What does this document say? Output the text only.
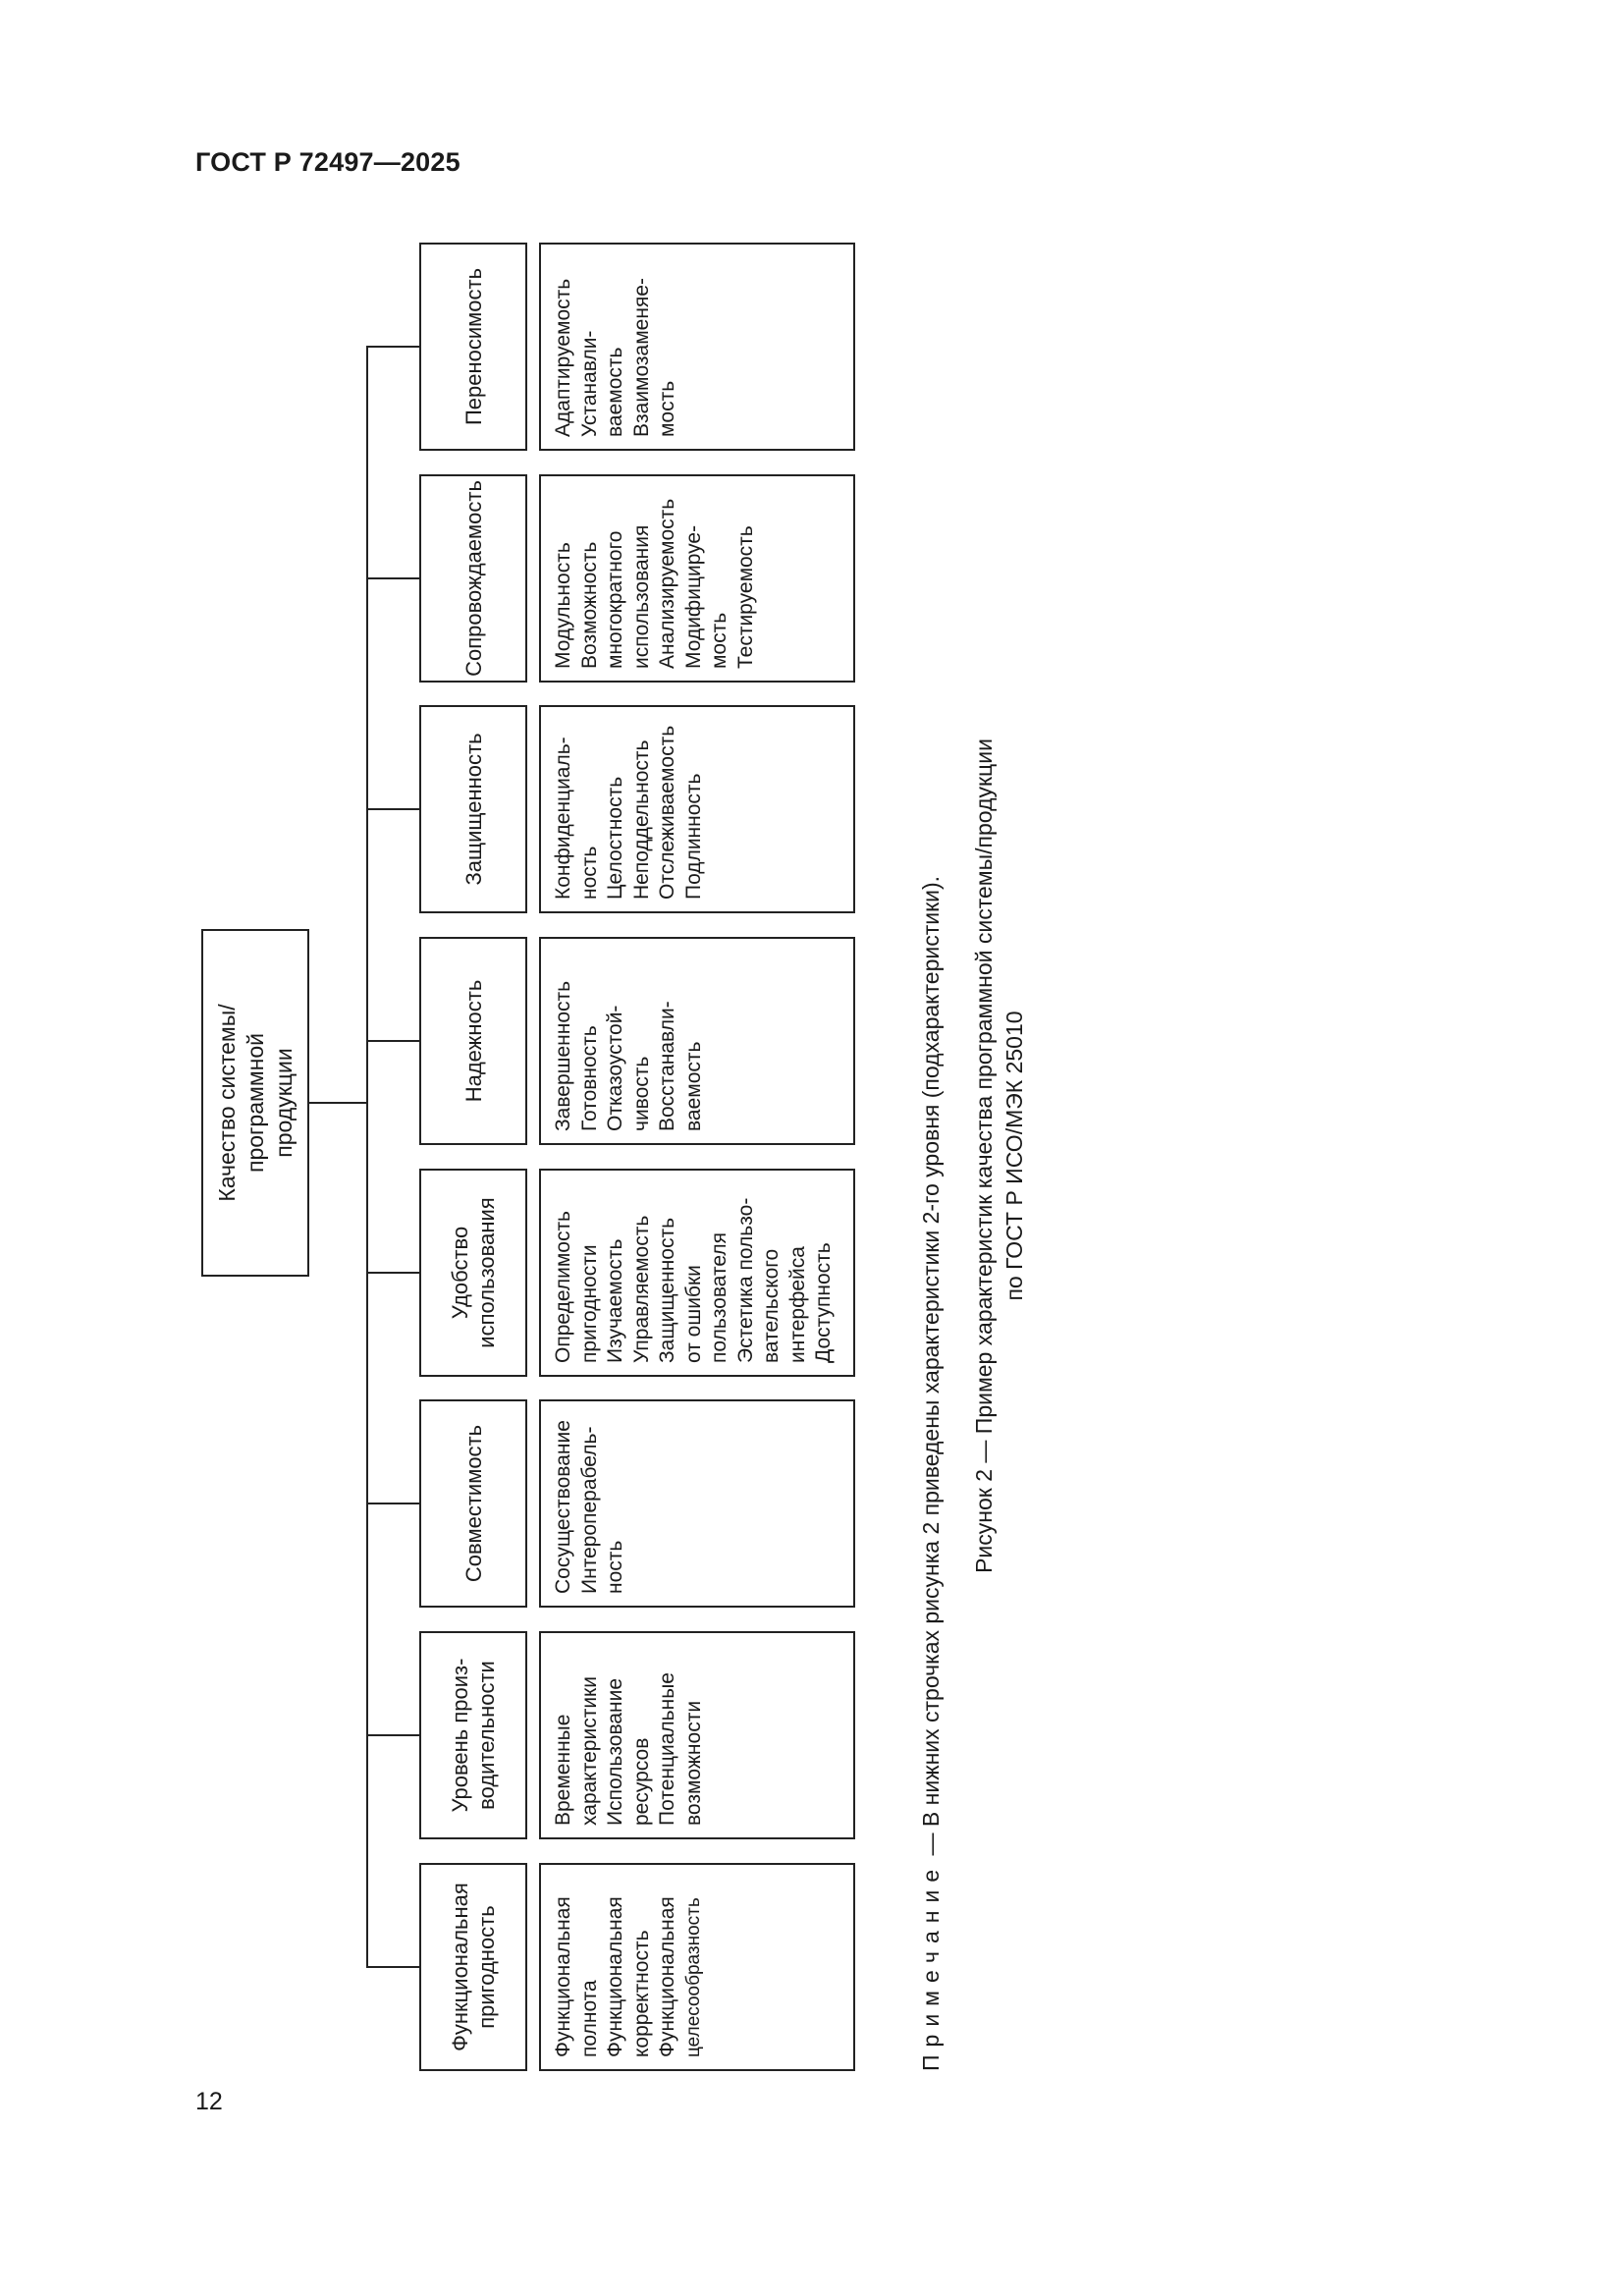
ГОСТ Р 72497—2025
Качество системы/
программной
продукции
Функциональная
пригодность
Уровень произ-
водительности
Совместимость
Удобство
использования
Надежность
Защищенность
Сопровождаемость
Переносимость
Функциональная полнота Функциональная корректность Функциональная целесообразность
Временные характеристики Использование ресурсов Потенциальные возможности
Сосуществование Интероперабель- ность
Определимость пригодности Изучаемость Управляемость Защищенность от ошибки пользователя Эстетика пользо- вательского интерфейса Доступность
Завершенность Готовность Отказоустой- чивость Восстанавли- ваемость
Конфиденциаль- ность Целостность Неподдельность Отслеживаемость Подлинность
Модульность Возможность многократного использования Анализируемость Модифицируе- мость Тестируемость
Адаптируемость Устанавли- ваемость Взаимозаменяе- мость
Примечание — В нижних строчках рисунка 2 приведены характеристики 2-го уровня (подхарактеристики). Рисунок 2 — Пример характеристик качества программной системы/продукции по ГОСТ Р ИСО/МЭК 25010
12
